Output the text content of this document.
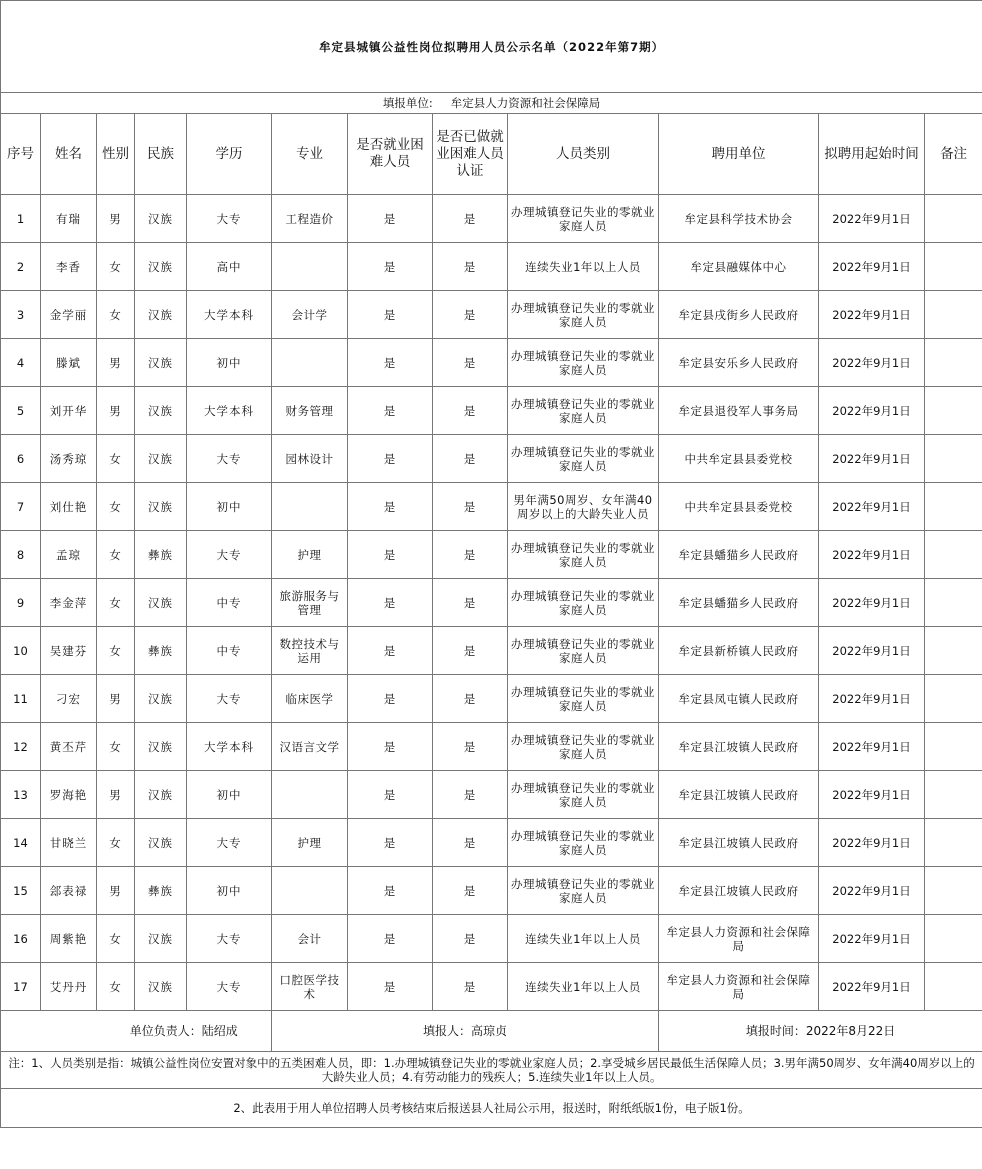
牟定县城镇公益性岗位拟聘用人员公示名单（2022年第7期）											
填报单位: 牟定县人力资源和社会保障局											
序号	姓名	性别	民族	学历	专业	是否就业困难人员	是否已做就业困难人员认证	人员类别	聘用单位	拟聘用起始时间	备注
1	有瑞	男	汉族	大专	工程造价	是	是	办理城镇登记失业的零就业家庭人员	牟定县科学技术协会	2022年9月1日	
2	李香	女	汉族	高中		是	是	连续失业1年以上人员	牟定县融媒体中心	2022年9月1日	
3	金学丽	女	汉族	大学本科	会计学	是	是	办理城镇登记失业的零就业家庭人员	牟定县戌街乡人民政府	2022年9月1日	
4	滕斌	男	汉族	初中		是	是	办理城镇登记失业的零就业家庭人员	牟定县安乐乡人民政府	2022年9月1日	
5	刘开华	男	汉族	大学本科	财务管理	是	是	办理城镇登记失业的零就业家庭人员	牟定县退役军人事务局	2022年9月1日	
6	汤秀琼	女	汉族	大专	园林设计	是	是	办理城镇登记失业的零就业家庭人员	中共牟定县县委党校	2022年9月1日	
7	刘仕艳	女	汉族	初中		是	是	男年满50周岁、女年满40周岁以上的大龄失业人员	中共牟定县县委党校	2022年9月1日	
8	孟琼	女	彝族	大专	护理	是	是	办理城镇登记失业的零就业家庭人员	牟定县蟠猫乡人民政府	2022年9月1日	
9	李金萍	女	汉族	中专	旅游服务与管理	是	是	办理城镇登记失业的零就业家庭人员	牟定县蟠猫乡人民政府	2022年9月1日	
10	吴建芬	女	彝族	中专	数控技术与运用	是	是	办理城镇登记失业的零就业家庭人员	牟定县新桥镇人民政府	2022年9月1日	
11	刁宏	男	汉族	大专	临床医学	是	是	办理城镇登记失业的零就业家庭人员	牟定县凤屯镇人民政府	2022年9月1日	
12	黄丕芹	女	汉族	大学本科	汉语言文学	是	是	办理城镇登记失业的零就业家庭人员	牟定县江坡镇人民政府	2022年9月1日	
13	罗海艳	男	汉族	初中		是	是	办理城镇登记失业的零就业家庭人员	牟定县江坡镇人民政府	2022年9月1日	
14	甘晓兰	女	汉族	大专	护理	是	是	办理城镇登记失业的零就业家庭人员	牟定县江坡镇人民政府	2022年9月1日	
15	郐表禄	男	彝族	初中		是	是	办理城镇登记失业的零就业家庭人员	牟定县江坡镇人民政府	2022年9月1日	
16	周紫艳	女	汉族	大专	会计	是	是	连续失业1年以上人员	牟定县人力资源和社会保障局	2022年9月1日	
17	艾丹丹	女	汉族	大专	口腔医学技术	是	是	连续失业1年以上人员	牟定县人力资源和社会保障局	2022年9月1日	
		单位负责人：陆绍成			填报人：高琼贞				填报时间：2022年8月22日		
注：1、人员类别是指：城镇公益性岗位安置对象中的五类困难人员，即：1.办理城镇登记失业的零就业家庭人员；2.享受城乡居民最低生活保障人员；3.男年满50周岁、女年满40周岁以上的大龄失业人员；4.有劳动能力的残疾人；5.连续失业1年以上人员。											
2、此表用于用人单位招聘人员考核结束后报送县人社局公示用，报送时，附纸纸版1份，电子版1份。											
